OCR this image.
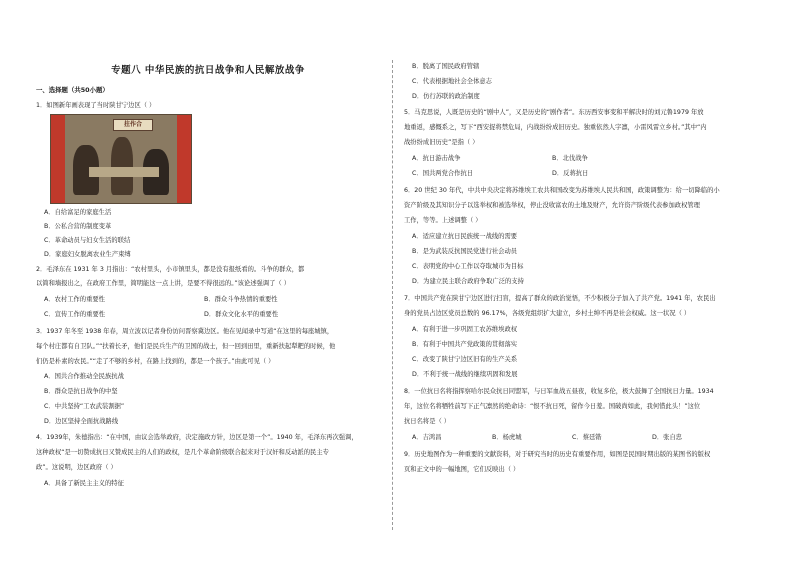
专题八 中华民族的抗日战争和人民解放战争
一、选择题（共50小题）
1．如图新年画表现了当时陕甘宁边区（ ）
拄作合
A．自给富足的家庭生活
B．公私合营的制度变革
C．革命动员与妇女生活的联结
D．家庭妇女脱离农业生产束缚
2．毛泽东在 1931 年 3 月指出：“农村里头，小市镇里头，都是没有报纸看的。斗争的群众，都
以简和墙报出之，在政府工作里，简明能这一点上讲，是要不得很远的。”该论述强调了（ ）
A．农村工作的重要性	B．群众斗争热情的重要性
C．宣传工作的重要性	D．群众文化水平的重要性
3．1937 年冬至 1938 年春，周立波以记者身份访问晋察冀边区。他在见闻录中写道“在这里的每座城镇，
每个村庄都有自卫队。”“扶着长矛，他们是民兵生产的卫国的战士，但一回到田里，重新扶起犁耙的时候，他
们仍是朴素的农民。”“走了不够的乡村，在路上找到的，都是一个孩子。”由此可见（ ）
A．国共合作推动全民族抗战
B．群众是抗日战争的中坚
C．中共坚持“工农武装割据”
D．边区坚持全面抗战路线
4．1939年，朱德指出：“在中国，由议会选举政府，决定施政方针，边区是第一个”。1940 年，毛泽东再次强调，
这种政权“是一切赞成抗日又赞成民主的人们的政权，是几个革命阶级联合起来对于汉奸和反动派的民主专
政”。这说明，边区政府（ ）
A．具备了新民主主义的特征
B．脱离了国民政府管辖
C．代表根据地社会全体意志
D．仿行苏联的政治制度
5．马克思说，人既是历史的“剧中人”，又是历史的“剧作者”。东历西安事变和平解决时的刘元鲁1979 年放
地重返，感慨系之，写下“西安捉将禁危局，内战纷纷成旧历史。独重依然人字凛，小雷风雷立乡村。”其中“内
战纷纷成旧历史”是指（ ）
A．抗日游击战争	B．北伐战争
C．国共两党合作抗日	D．反蒋抗日
6．20 世纪 30 年代，中共中央决定将苏维埃工农共和国改变为苏维埃人民共和国，政策调整为：给一切降临的小
资产阶级及其知识分子以选举权和被选举权，停止没收富农的土地及财产，允许资产阶级代表参加政权管理
工作，等等。上述调整（ ）
A．适应建立抗日民族统一战线的需要
B．是为武装反抗国民党进行社会动员
C．表明党的中心工作以夺取城市为目标
D．为建立民主联合政府争取广泛的支持
7．中国共产党在陕甘宁边区进行扫盲，提高了群众的政治觉悟，不少积极分子加入了共产党。1941 年，农民出
身的党员占边区党员总数的 96.17%，各级党组织扩大建立，乡村土绅不再是社会权威。这一状况（ ）
A．有利于进一步巩固工农苏维埃政权
B．有利于中国共产党政策的贯彻落实
C．改变了陕甘宁边区旧有的生产关系
D．不利于统一战线的继续巩固和发展
8．一位抗日名将指挥察哈尔民众抗日同盟军，与日军血战五昼夜，收复多伦，极大鼓舞了全国抗日力量。1934
年，这位名将牺牲前写下正气凛然的绝命诗：“恨不抗日死，留作今日羞。国破尚如此，我何惜此头！”这位
抗日名将是（ ）
A．吉鸿昌	B．杨虎城	C．蔡廷锴	D．张自忠
9．历史地图作为一种重要的文献资料，对于研究当时的历史有重要作用，如图是民国时期出版的某图书的版权
页和正文中的一幅地图，它们反映出（ ）
